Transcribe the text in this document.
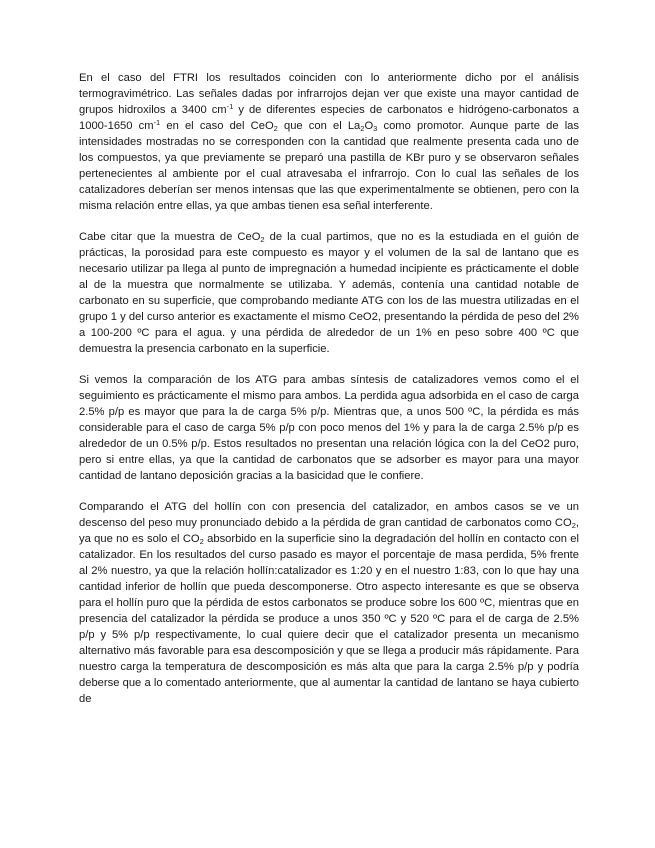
En el caso del FTRI los resultados coinciden con lo anteriormente dicho por el análisis termogravimétrico. Las señales dadas por infrarrojos dejan ver que existe una mayor cantidad de grupos hidroxilos a 3400 $cm^{-1}$ y de diferentes especies de carbonatos e hidrógeno-carbonatos a 1000-1650 $cm^{-1}$ en el caso del CeO$_2$ que con el $La_2O_3$ como promotor. Aunque parte de las intensidades mostradas no se corresponden con la cantidad que realmente presenta cada uno de los compuestos, ya que previamente se preparó una pastilla de KBr puro y se observaron señales pertenecientes al ambiente por el cual atravesaba el infrarrojo. Con lo cual las señales de los catalizadores deberían ser menos intensas que las que experimentalmente se obtienen, pero con la misma relación entre ellas, ya que ambas tienen esa señal interferente.

Cabe citar que la muestra de CeO$_2$ de la cual partimos, que no es la estudiada en el guión de prácticas, la porosidad para este compuesto es mayor y el volumen de la sal de lantano que es necesario utilizar pa llega al punto de impregnación a humedad incipiente es prácticamente el doble al de la muestra que normalmente se utilizaba. Y además, contenía una cantidad notable de carbonato en su superficie, que comprobando mediante ATG con los de las muestra utilizadas en el grupo 1 y del curso anterior es exactamente el mismo CeO2, presentando la pérdida de peso del 2% a 100-200 ºC para el agua. y una pérdida de alrededor de un 1% en peso sobre 400 ºC que demuestra la presencia carbonato en la superficie.

Si vemos la comparación de los ATG para ambas síntesis de catalizadores vemos como el el seguimiento es prácticamente el mismo para ambos. La perdida agua adsorbida en el caso de carga 2.5% p/p es mayor que para la de carga 5% p/p. Mientras que, a unos 500 ºC, la pérdida es más considerable para el caso de carga 5% p/p con poco menos del 1% y para la de carga 2.5% p/p es alrededor de un 0.5% p/p. Estos resultados no presentan una relación lógica con la del CeO2 puro, pero si entre ellas, ya que la cantidad de carbonatos que se adsorber es mayor para una mayor cantidad de lantano deposición gracias a la basicidad que le confiere.

Comparando el ATG del hollín con con presencia del catalizador, en ambos casos se ve un descenso del peso muy pronunciado debido a la pérdida de gran cantidad de carbonatos como $CO_2$, ya que no es solo el $CO_2$ absorbido en la superficie sino la degradación del hollín en contacto con el catalizador. En los resultados del curso pasado es mayor el porcentaje de masa perdida, 5% frente al 2% nuestro, ya que la relación hollín:catalizador es 1:20 y en el nuestro 1:83, con lo que hay una cantidad inferior de hollín que pueda descomponerse. Otro aspecto interesante es que se observa para el hollín puro que la pérdida de estos carbonatos se produce sobre los 600 ºC, mientras que en presencia del catalizador la pérdida se produce a unos 350 ºC y 520 ºC para el de carga de 2.5% p/p y 5% p/p respectivamente, lo cual quiere decir que el catalizador presenta un mecanismo alternativo más favorable para esa descomposición y que se llega a producir más rápidamente. Para nuestro carga la temperatura de descomposición es más alta que para la carga 2.5% p/p y podría deberse que a lo comentado anteriormente, que al aumentar la cantidad de lantano se haya cubierto de
